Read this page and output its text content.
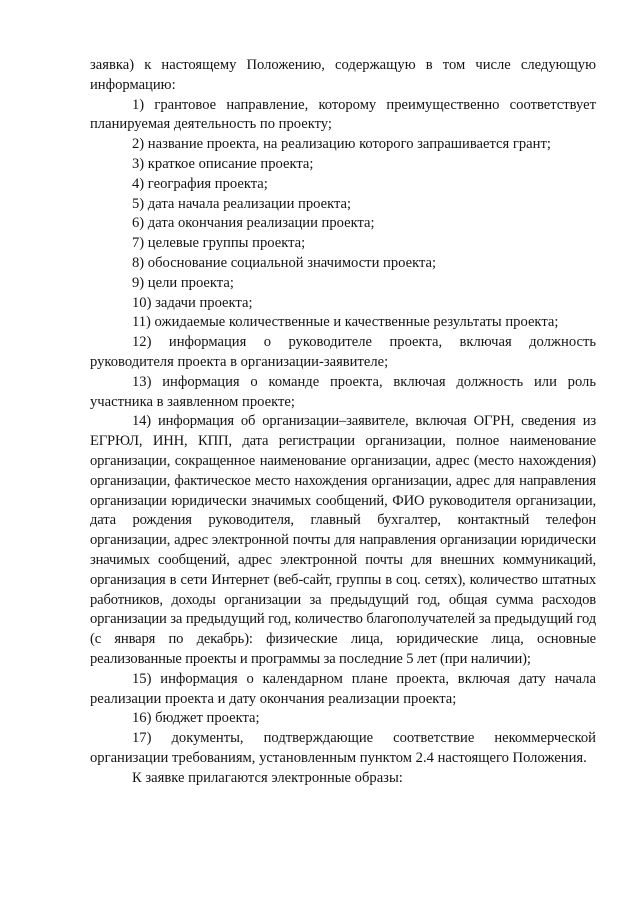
заявка) к настоящему Положению, содержащую в том числе следующую информацию:

1) грантовое направление, которому преимущественно соответствует планируемая деятельность по проекту;

2) название проекта, на реализацию которого запрашивается грант;

3) краткое описание проекта;

4) география проекта;

5) дата начала реализации проекта;

6) дата окончания реализации проекта;

7) целевые группы проекта;

8) обоснование социальной значимости проекта;

9) цели проекта;

10) задачи проекта;

11) ожидаемые количественные и качественные результаты проекта;

12) информация о руководителе проекта, включая должность руководителя проекта в организации-заявителе;

13) информация о команде проекта, включая должность или роль участника в заявленном проекте;

14) информация об организации–заявителе, включая ОГРН, сведения из ЕГРЮЛ, ИНН, КПП, дата регистрации организации, полное наименование организации, сокращенное наименование организации, адрес (место нахождения) организации, фактическое место нахождения организации, адрес для направления организации юридически значимых сообщений, ФИО руководителя организации, дата рождения руководителя, главный бухгалтер, контактный телефон организации, адрес электронной почты для направления организации юридически значимых сообщений, адрес электронной почты для внешних коммуникаций, организация в сети Интернет (веб-сайт, группы в соц. сетях), количество штатных работников, доходы организации за предыдущий год, общая сумма расходов организации за предыдущий год, количество благополучателей за предыдущий год (с января по декабрь): физические лица, юридические лица, основные реализованные проекты и программы за последние 5 лет (при наличии);

15) информация о календарном плане проекта, включая дату начала реализации проекта и дату окончания реализации проекта;

16) бюджет проекта;

17) документы, подтверждающие соответствие некоммерческой организации требованиям, установленным пунктом 2.4 настоящего Положения.

К заявке прилагаются электронные образы:
